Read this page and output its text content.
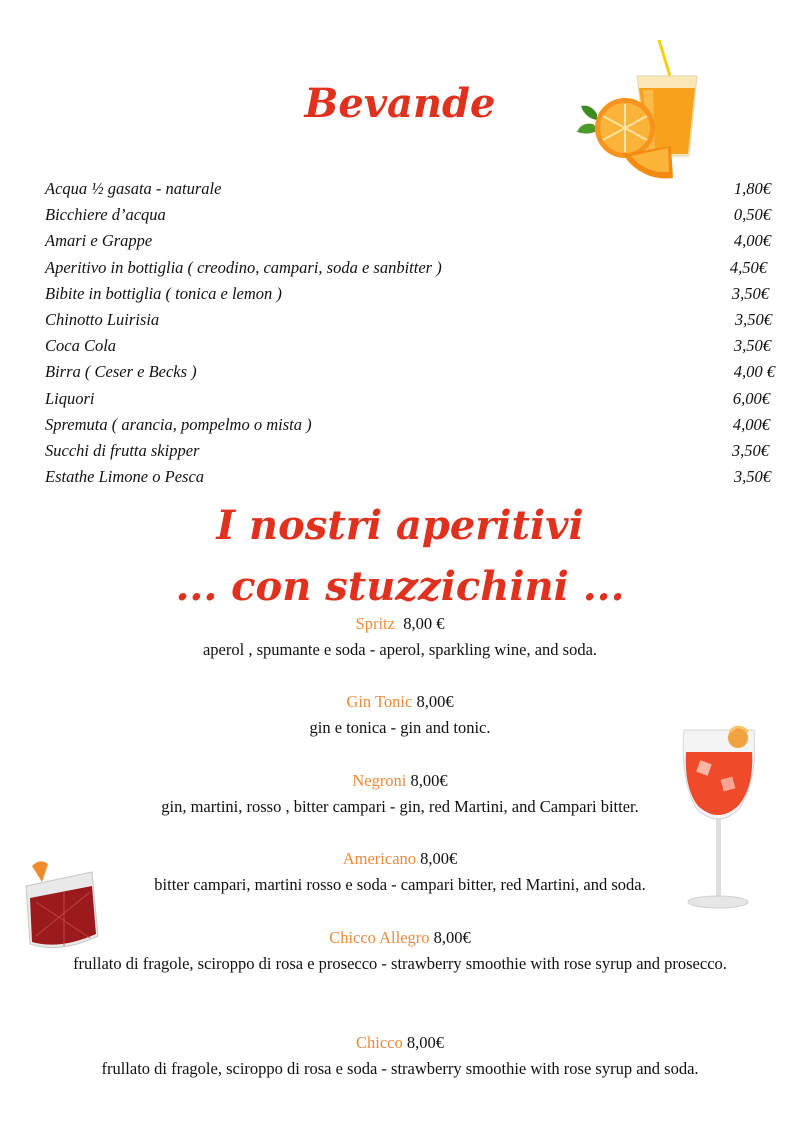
Bevande
Acqua ½ gasata - naturale	1,80€
Bicchiere d’acqua	0,50€
Amari e Grappe	4,00€
Aperitivo in bottiglia ( creodino, campari, soda e sanbitter )	4,50€
Bibite in bottiglia ( tonica e lemon )	3,50€
Chinotto Luirisia	3,50€
Coca Cola	3,50€
Birra ( Ceser e Becks )	4,00 €
Liquori	6,00€
Spremuta ( arancia, pompelmo o mista )	4,00€
Succhi di frutta skipper	3,50€
Estathe Limone o Pesca	3,50€
I nostri aperitivi
... con stuzzichini ...
Spritz 8,00 €
aperol , spumante e soda - aperol, sparkling wine, and soda.
Gin Tonic 8,00€
gin e tonica - gin and tonic.
Negroni 8,00€
gin, martini, rosso , bitter campari - gin, red Martini, and Campari bitter.
Americano 8,00€
bitter campari, martini rosso e soda - campari bitter, red Martini, and soda.
Chicco Allegro 8,00€
frullato di fragole, sciroppo di rosa e prosecco - strawberry smoothie with rose syrup and prosecco.
Chicco 8,00€
frullato di fragole, sciroppo di rosa e soda - strawberry smoothie with rose syrup and soda.
